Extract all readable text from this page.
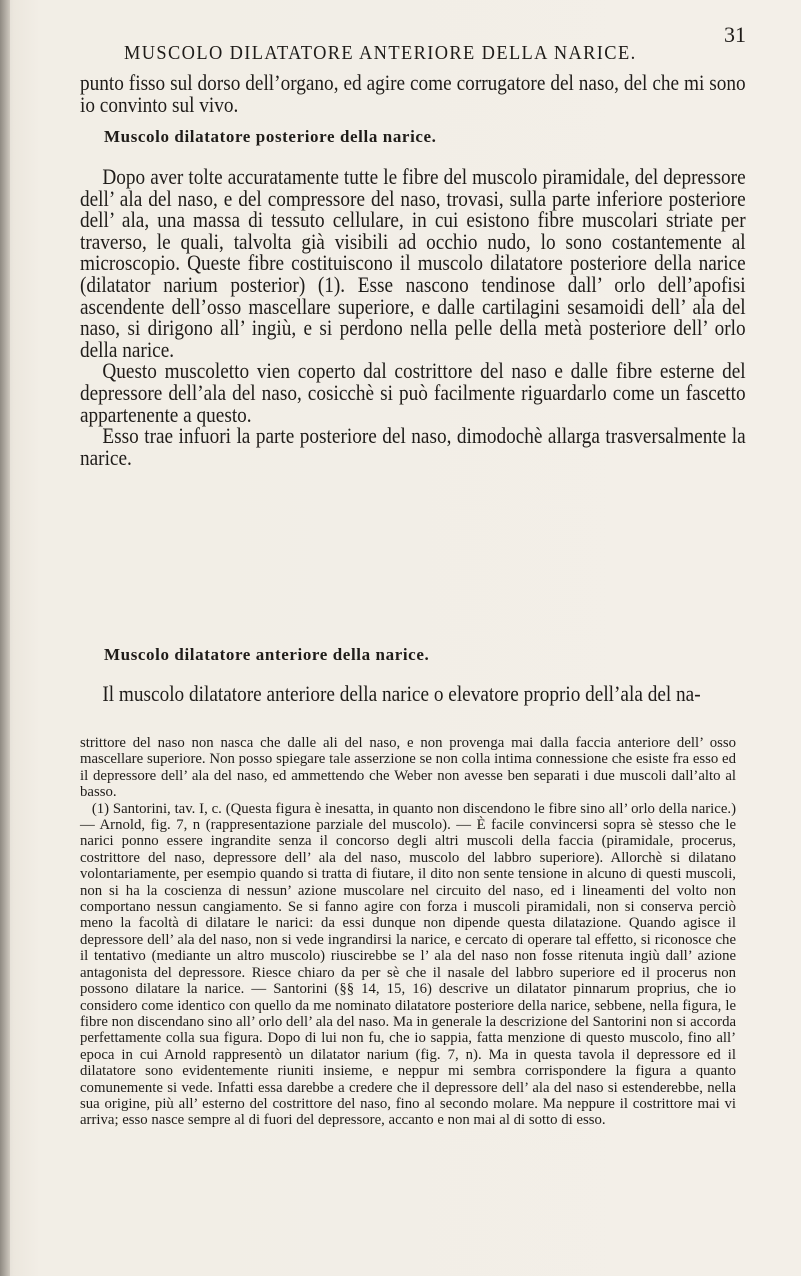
MUSCOLO DILATATORE ANTERIORE DELLA NARICE.
31

punto fisso sul dorso dell’organo, ed agire come corrugatore del naso, del che mi sono io convinto sul vivo.

Muscolo dilatatore posteriore della narice.

Dopo aver tolte accuratamente tutte le fibre del muscolo piramidale, del depressore dell’ ala del naso, e del compressore del naso, trovasi, sulla parte inferiore posteriore dell’ ala, una massa di tessuto cellulare, in cui esistono fibre muscolari striate per traverso, le quali, talvolta già visibili ad occhio nudo, lo sono costantemente al microscopio. Queste fibre costituiscono il muscolo dilatatore posteriore della narice (dilatator narium posterior) (1). Esse nascono tendinose dall’ orlo dell’apofisi ascendente dell’osso mascellare superiore, e dalle cartilagini sesamoidi dell’ ala del naso, si dirigono all’ ingiù, e si perdono nella pelle della metà posteriore dell’ orlo della narice.

Questo muscoletto vien coperto dal costrittore del naso e dalle fibre esterne del depressore dell’ala del naso, cosicchè si può facilmente riguardarlo come un fascetto appartenente a questo.

Esso trae infuori la parte posteriore del naso, dimodochè allarga trasversalmente la narice.

Muscolo dilatatore anteriore della narice.

Il muscolo dilatatore anteriore della narice o elevatore proprio dell’ala del na-

strittore del naso non nasca che dalle ali del naso, e non provenga mai dalla faccia anteriore dell’ osso mascellare superiore. Non posso spiegare tale asserzione se non colla intima connessione che esiste fra esso ed il depressore dell’ ala del naso, ed ammettendo che Weber non avesse ben separati i due muscoli dall’alto al basso.

(1) Santorini, tav. I, c. (Questa figura è inesatta, in quanto non discendono le fibre sino all’ orlo della narice.) — Arnold, fig. 7, n (rappresentazione parziale del muscolo). — È facile convincersi sopra sè stesso che le narici ponno essere ingrandite senza il concorso degli altri muscoli della faccia (piramidale, procerus, costrittore del naso, depressore dell’ ala del naso, muscolo del labbro superiore). Allorchè si dilatano volontariamente, per esempio quando si tratta di fiutare, il dito non sente tensione in alcuno di questi muscoli, non si ha la coscienza di nessun’ azione muscolare nel circuito del naso, ed i lineamenti del volto non comportano nessun cangiamento. Se si fanno agire con forza i muscoli piramidali, non si conserva perciò meno la facoltà di dilatare le narici: da essi dunque non dipende questa dilatazione. Quando agisce il depressore dell’ ala del naso, non si vede ingrandirsi la narice, e cercato di operare tal effetto, si riconosce che il tentativo (mediante un altro muscolo) riuscirebbe se l’ ala del naso non fosse ritenuta ingiù dall’ azione antagonista del depressore. Riesce chiaro da per sè che il nasale del labbro superiore ed il procerus non possono dilatare la narice. — Santorini (§§ 14, 15, 16) descrive un dilatator pinnarum proprius, che io considero come identico con quello da me nominato dilatatore posteriore della narice, sebbene, nella figura, le fibre non discendano sino all’ orlo dell’ ala del naso. Ma in generale la descrizione del Santorini non si accorda perfettamente colla sua figura. Dopo di lui non fu, che io sappia, fatta menzione di questo muscolo, fino all’ epoca in cui Arnold rappresentò un dilatator narium (fig. 7, n). Ma in questa tavola il depressore ed il dilatatore sono evidentemente riuniti insieme, e neppur mi sembra corrispondere la figura a quanto comunemente si vede. Infatti essa darebbe a credere che il depressore dell’ ala del naso si estenderebbe, nella sua origine, più all’ esterno del costrittore del naso, fino al secondo molare. Ma neppure il costrittore mai vi arriva; esso nasce sempre al di fuori del depressore, accanto e non mai al di sotto di esso.
